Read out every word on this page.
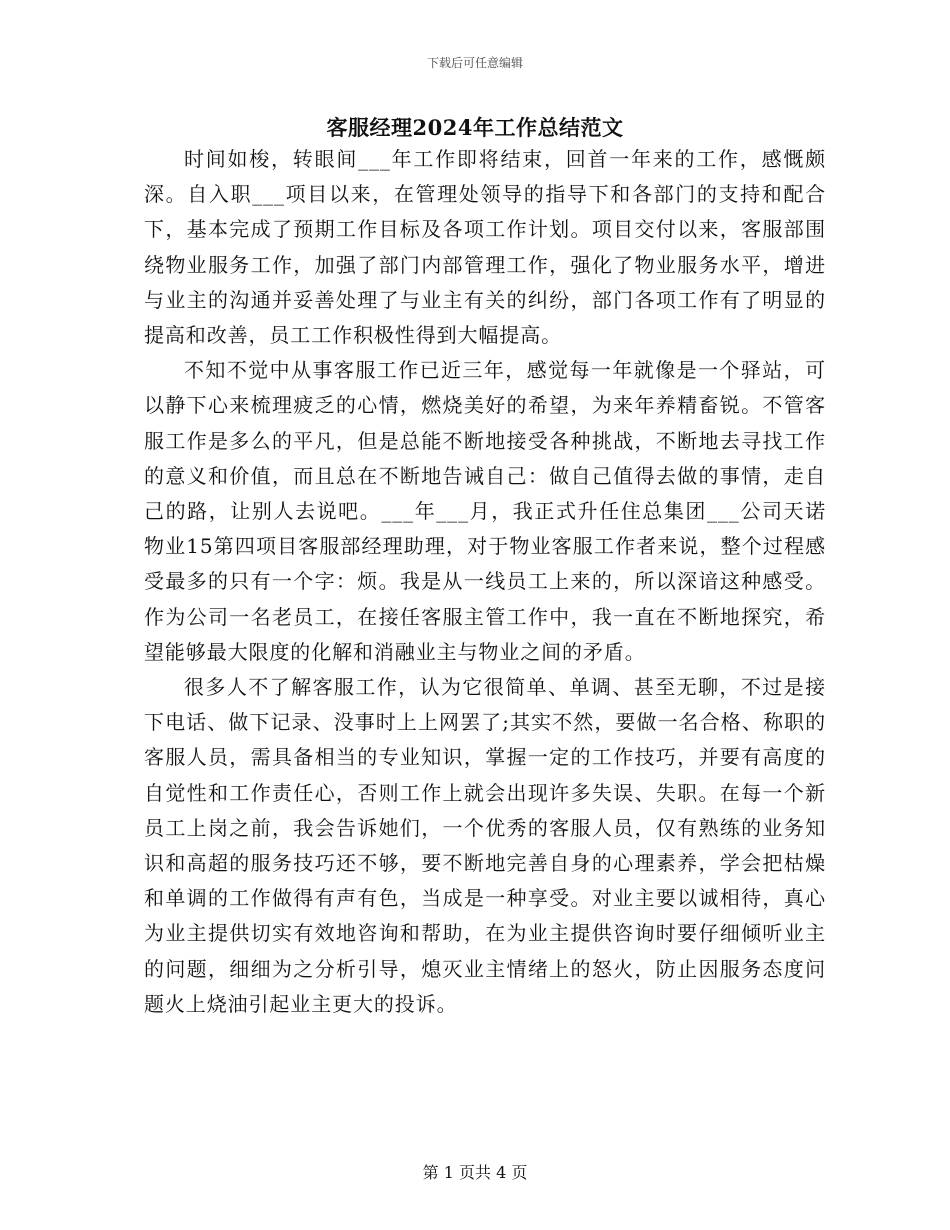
下载后可任意编辑
客服经理2024年工作总结范文

时间如梭，转眼间___年工作即将结束，回首一年来的工作，感慨颇深。自入职___项目以来，在管理处领导的指导下和各部门的支持和配合下，基本完成了预期工作目标及各项工作计划。项目交付以来，客服部围绕物业服务工作，加强了部门内部管理工作，强化了物业服务水平，增进与业主的沟通并妥善处理了与业主有关的纠纷，部门各项工作有了明显的提高和改善，员工工作积极性得到大幅提高。

不知不觉中从事客服工作已近三年，感觉每一年就像是一个驿站，可以静下心来梳理疲乏的心情，燃烧美好的希望，为来年养精畜锐。不管客服工作是多么的平凡，但是总能不断地接受各种挑战，不断地去寻找工作的意义和价值，而且总在不断地告诫自己：做自己值得去做的事情，走自己的路，让别人去说吧。___年___月，我正式升任住总集团___公司天诺物业15第四项目客服部经理助理，对于物业客服工作者来说，整个过程感受最多的只有一个字：烦。我是从一线员工上来的，所以深谙这种感受。作为公司一名老员工，在接任客服主管工作中，我一直在不断地探究，希望能够最大限度的化解和消融业主与物业之间的矛盾。

很多人不了解客服工作，认为它很简单、单调、甚至无聊，不过是接下电话、做下记录、没事时上上网罢了;其实不然，要做一名合格、称职的客服人员，需具备相当的专业知识，掌握一定的工作技巧，并要有高度的自觉性和工作责任心，否则工作上就会出现许多失误、失职。在每一个新员工上岗之前，我会告诉她们，一个优秀的客服人员，仅有熟练的业务知识和高超的服务技巧还不够，要不断地完善自身的心理素养，学会把枯燥和单调的工作做得有声有色，当成是一种享受。对业主要以诚相待，真心为业主提供切实有效地咨询和帮助，在为业主提供咨询时要仔细倾听业主的问题，细细为之分析引导，熄灭业主情绪上的怒火，防止因服务态度问题火上烧油引起业主更大的投诉。

第 1 页共 4 页
